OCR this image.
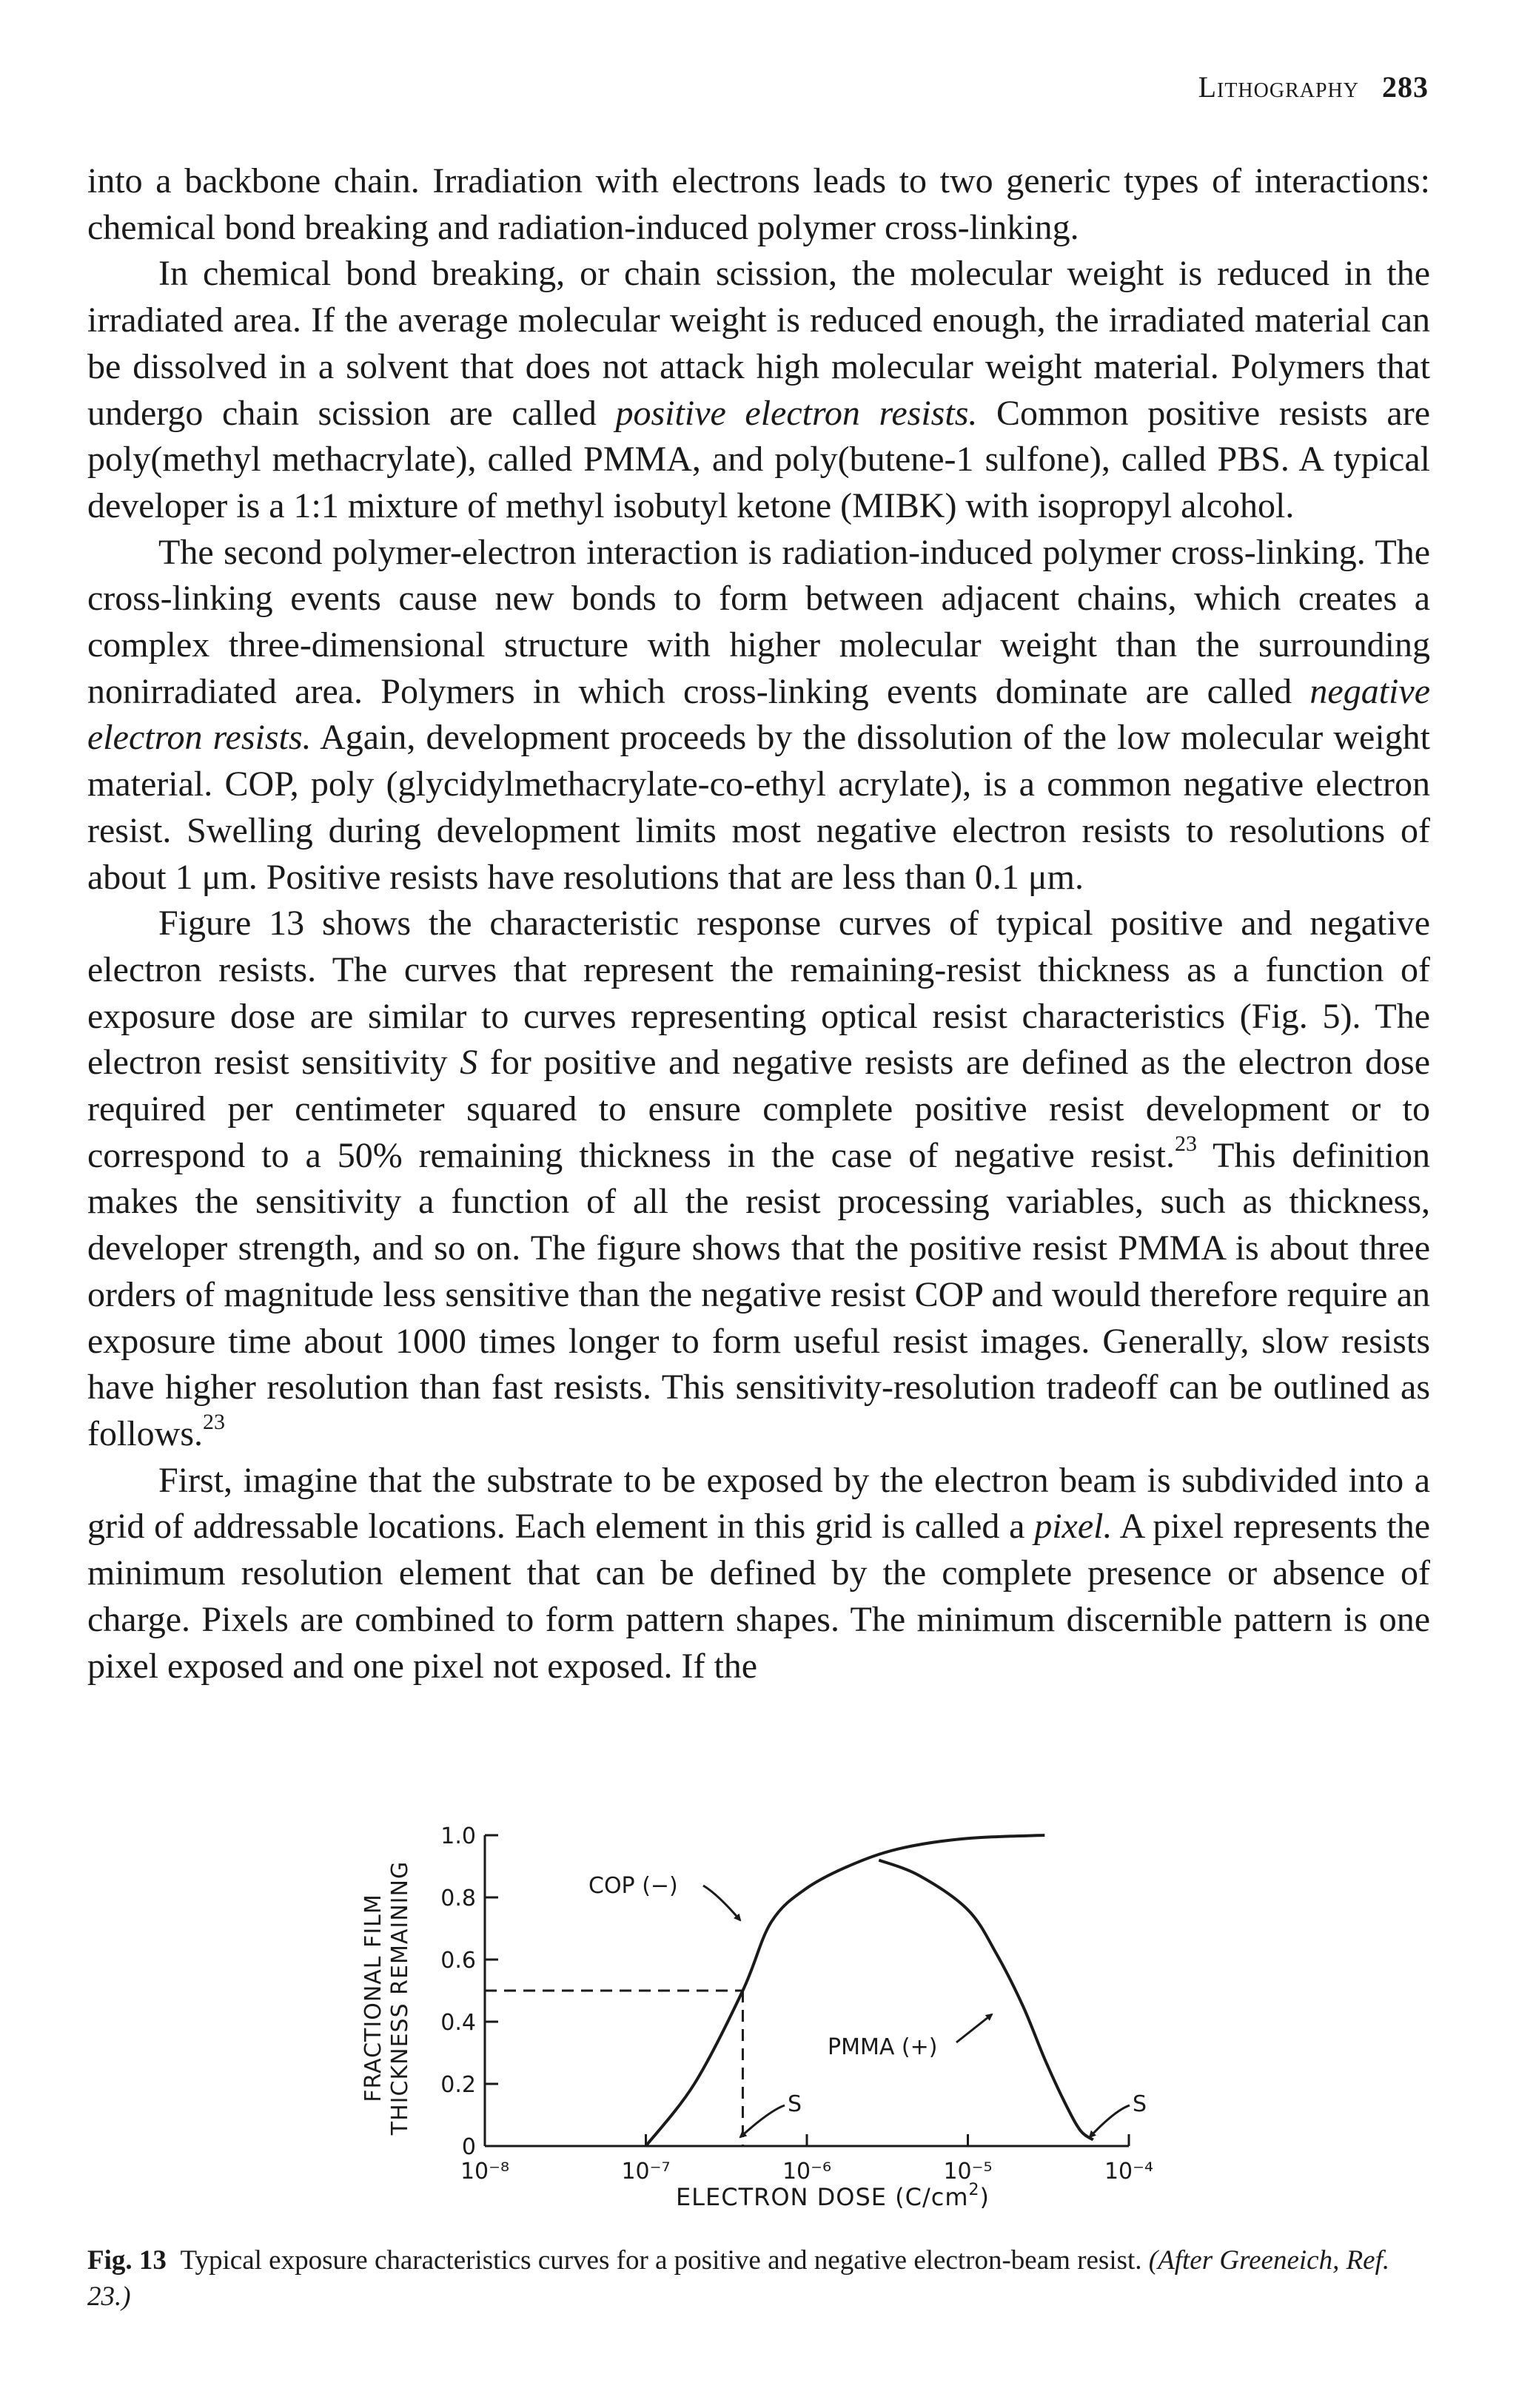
Lithography 283

into a backbone chain. Irradiation with electrons leads to two generic types of interactions: chemical bond breaking and radiation-induced polymer cross-linking.

In chemical bond breaking, or chain scission, the molecular weight is reduced in the irradiated area. If the average molecular weight is reduced enough, the irradiated material can be dissolved in a solvent that does not attack high molecular weight material. Polymers that undergo chain scission are called positive electron resists. Common positive resists are poly(methyl methacrylate), called PMMA, and poly(butene-1 sulfone), called PBS. A typical developer is a 1:1 mixture of methyl isobutyl ketone (MIBK) with isopropyl alcohol.

The second polymer-electron interaction is radiation-induced polymer cross-linking. The cross-linking events cause new bonds to form between adjacent chains, which creates a complex three-dimensional structure with higher molecular weight than the surrounding nonirradiated area. Polymers in which cross-linking events dominate are called negative electron resists. Again, development proceeds by the dissolution of the low molecular weight material. COP, poly (glycidylmethacrylate-co-ethyl acrylate), is a common negative electron resist. Swelling during development limits most negative electron resists to resolutions of about 1 μm. Positive resists have resolutions that are less than 0.1 μm.

Figure 13 shows the characteristic response curves of typical positive and negative electron resists. The curves that represent the remaining-resist thickness as a function of exposure dose are similar to curves representing optical resist characteristics (Fig. 5). The electron resist sensitivity S for positive and negative resists are defined as the electron dose required per centimeter squared to ensure complete positive resist development or to correspond to a 50% remaining thickness in the case of negative resist.$^{23}$ This definition makes the sensitivity a function of all the resist processing variables, such as thickness, developer strength, and so on. The figure shows that the positive resist PMMA is about three orders of magnitude less sensitive than the negative resist COP and would therefore require an exposure time about 1000 times longer to form useful resist images. Generally, slow resists have higher resolution than fast resists. This sensitivity-resolution tradeoff can be outlined as follows.$^{23}$

First, imagine that the substrate to be exposed by the electron beam is subdivided into a grid of addressable locations. Each element in this grid is called a pixel. A pixel represents the minimum resolution element that can be defined by the complete presence or absence of charge. Pixels are combined to form pattern shapes. The minimum discernible pattern is one pixel exposed and one pixel not exposed. If the

FRACTIONAL FILM THICKNESS REMAINING
ELECTRON DOSE $(C/cm^2)$
COP (−)
PMMA (+)
S	S
0
0.2
0.4
0.6
0.8
1.0
10⁻⁸	10⁻⁷	10⁻⁶	10⁻⁵	10⁻⁴
Fig. 13 Typical exposure characteristics curves for a positive and negative electron-beam resist. (After Greeneich, Ref. 23.)
